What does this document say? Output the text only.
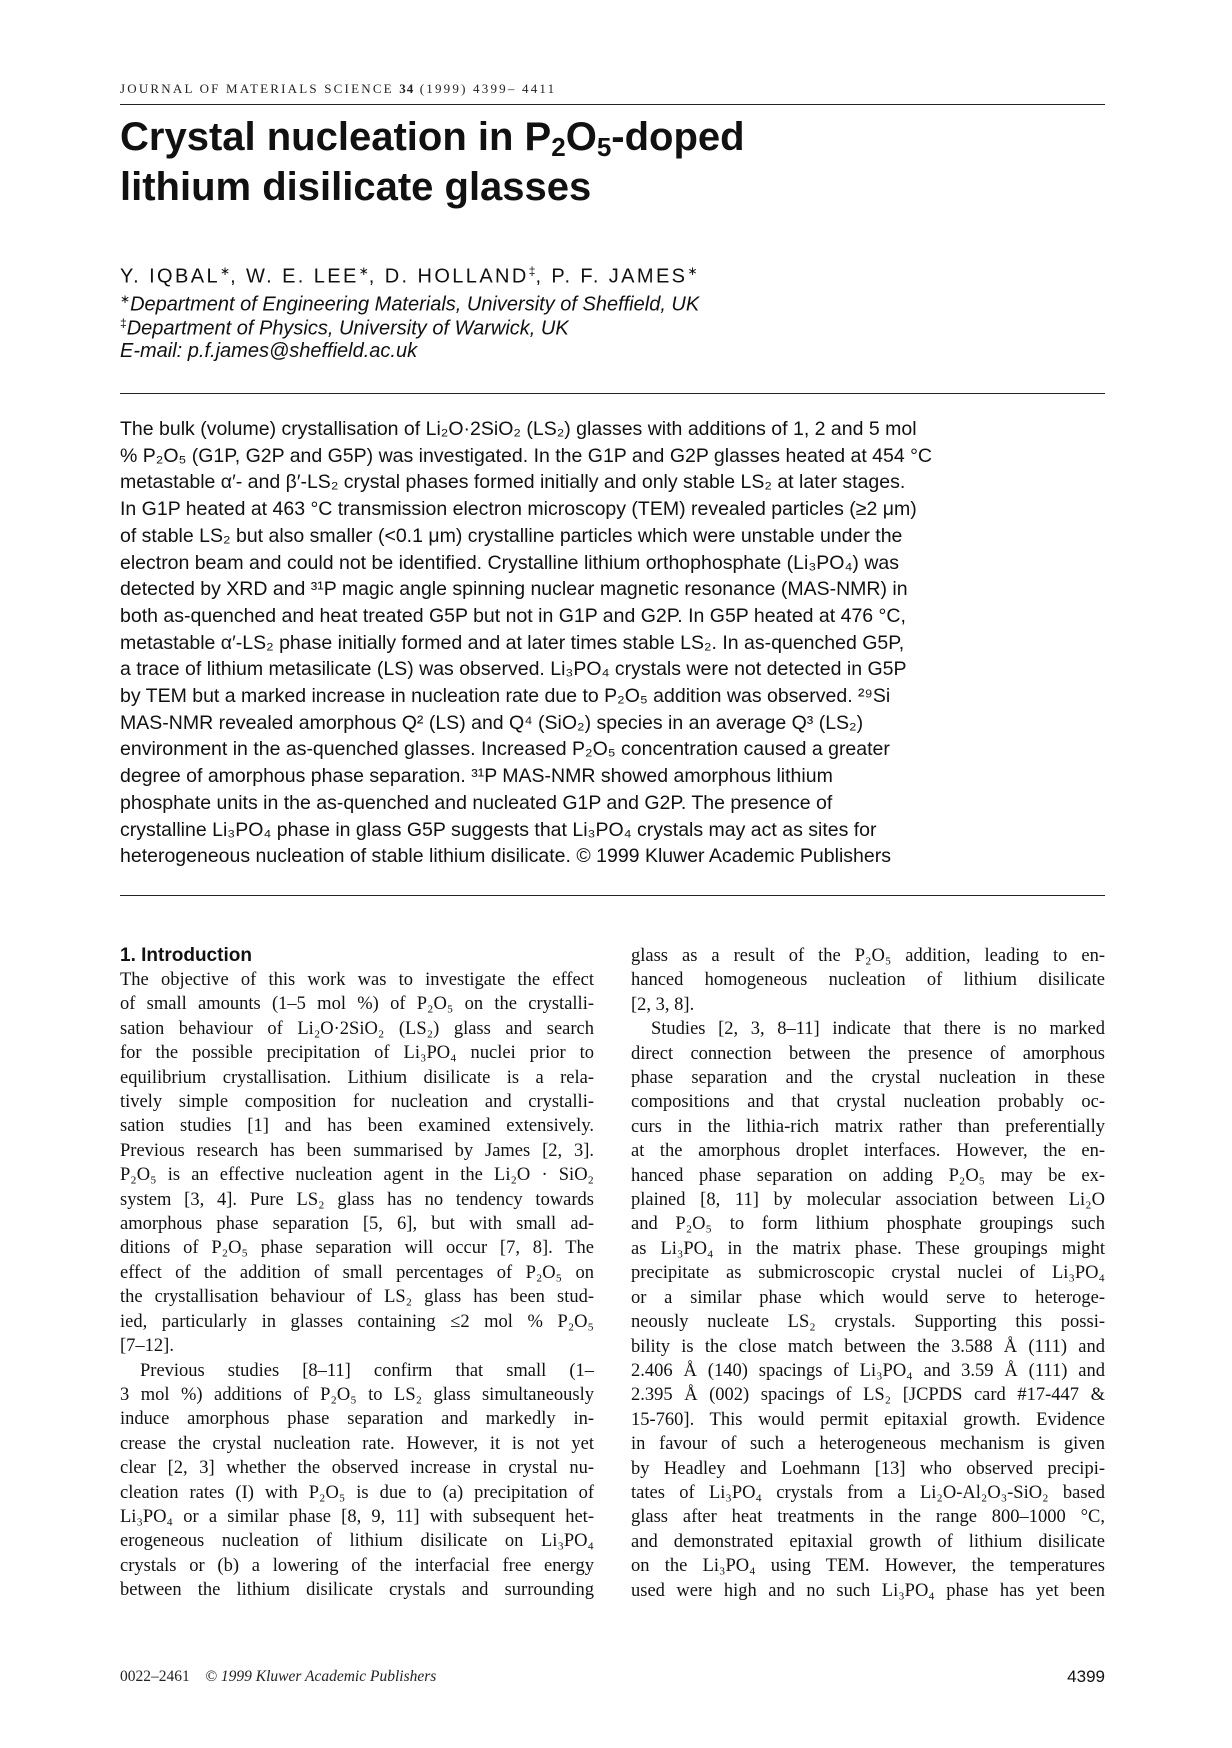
JOURNAL OF MATERIALS SCIENCE 34 (1999) 4399– 4411
Crystal nucleation in $P_2O_5$-doped
lithium disilicate glasses
Y. IQBAL∗, W. E. LEE∗, D. HOLLAND‡, P. F. JAMES∗
∗Department of Engineering Materials, University of Sheffield, UK
‡Department of Physics, University of Warwick, UK
E-mail: p.f.james@sheffield.ac.uk

The bulk (volume) crystallisation of Li₂O·2SiO₂ (LS₂) glasses with additions of 1, 2 and 5 mol

% P₂O₅ (G1P, G2P and G5P) was investigated. In the G1P and G2P glasses heated at 454 °C

metastable α′- and β′-LS₂ crystal phases formed initially and only stable LS₂ at later stages.

In G1P heated at 463 °C transmission electron microscopy (TEM) revealed particles (≥2 μm)

of stable LS₂ but also smaller (<0.1 μm) crystalline particles which were unstable under the

electron beam and could not be identified. Crystalline lithium orthophosphate (Li₃PO₄) was

detected by XRD and ³¹P magic angle spinning nuclear magnetic resonance (MAS-NMR) in

both as-quenched and heat treated G5P but not in G1P and G2P. In G5P heated at 476 °C,

metastable α′-LS₂ phase initially formed and at later times stable LS₂. In as-quenched G5P,

a trace of lithium metasilicate (LS) was observed. Li₃PO₄ crystals were not detected in G5P

by TEM but a marked increase in nucleation rate due to P₂O₅ addition was observed. ²⁹Si

MAS-NMR revealed amorphous Q² (LS) and Q⁴ (SiO₂) species in an average Q³ (LS₂)

environment in the as-quenched glasses. Increased P₂O₅ concentration caused a greater

degree of amorphous phase separation. ³¹P MAS-NMR showed amorphous lithium

phosphate units in the as-quenched and nucleated G1P and G2P. The presence of

crystalline Li₃PO₄ phase in glass G5P suggests that Li₃PO₄ crystals may act as sites for

heterogeneous nucleation of stable lithium disilicate. © 1999 Kluwer Academic Publishers

1. Introduction
The objective of this work was to investigate the effect
of small amounts (1–5 mol %) of P₂O₅ on the crystalli-
sation behaviour of Li₂O·2SiO₂ (LS₂) glass and search
for the possible precipitation of Li₃PO₄ nuclei prior to
equilibrium crystallisation. Lithium disilicate is a rela-
tively simple composition for nucleation and crystalli-
sation studies [1] and has been examined extensively.
Previous research has been summarised by James [2, 3].
P₂O₅ is an effective nucleation agent in the Li₂O · SiO₂
system [3, 4]. Pure LS₂ glass has no tendency towards
amorphous phase separation [5, 6], but with small ad-
ditions of P₂O₅ phase separation will occur [7, 8]. The
effect of the addition of small percentages of P₂O₅ on
the crystallisation behaviour of LS₂ glass has been stud-
ied, particularly in glasses containing ≤2 mol % P₂O₅
[7–12].
Previous studies [8–11] confirm that small (1–
3 mol %) additions of P₂O₅ to LS₂ glass simultaneously
induce amorphous phase separation and markedly in-
crease the crystal nucleation rate. However, it is not yet
clear [2, 3] whether the observed increase in crystal nu-
cleation rates (I) with P₂O₅ is due to (a) precipitation of
Li₃PO₄ or a similar phase [8, 9, 11] with subsequent het-
erogeneous nucleation of lithium disilicate on Li₃PO₄
crystals or (b) a lowering of the interfacial free energy
between the lithium disilicate crystals and surrounding
glass as a result of the P₂O₅ addition, leading to en-
hanced homogeneous nucleation of lithium disilicate
[2, 3, 8].
Studies [2, 3, 8–11] indicate that there is no marked
direct connection between the presence of amorphous
phase separation and the crystal nucleation in these
compositions and that crystal nucleation probably oc-
curs in the lithia-rich matrix rather than preferentially
at the amorphous droplet interfaces. However, the en-
hanced phase separation on adding P₂O₅ may be ex-
plained [8, 11] by molecular association between Li₂O
and P₂O₅ to form lithium phosphate groupings such
as Li₃PO₄ in the matrix phase. These groupings might
precipitate as submicroscopic crystal nuclei of Li₃PO₄
or a similar phase which would serve to heteroge-
neously nucleate LS₂ crystals. Supporting this possi-
bility is the close match between the 3.588 Å (111) and
2.406 Å (140) spacings of Li₃PO₄ and 3.59 Å (111) and
2.395 Å (002) spacings of LS₂ [JCPDS card #17-447 &
15-760]. This would permit epitaxial growth. Evidence
in favour of such a heterogeneous mechanism is given
by Headley and Loehmann [13] who observed precipi-
tates of Li₃PO₄ crystals from a Li₂O-Al₂O₃-SiO₂ based
glass after heat treatments in the range 800–1000 °C,
and demonstrated epitaxial growth of lithium disilicate
on the Li₃PO₄ using TEM. However, the temperatures
used were high and no such Li₃PO₄ phase has yet been
0022–2461 © 1999 Kluwer Academic Publishers	4399
